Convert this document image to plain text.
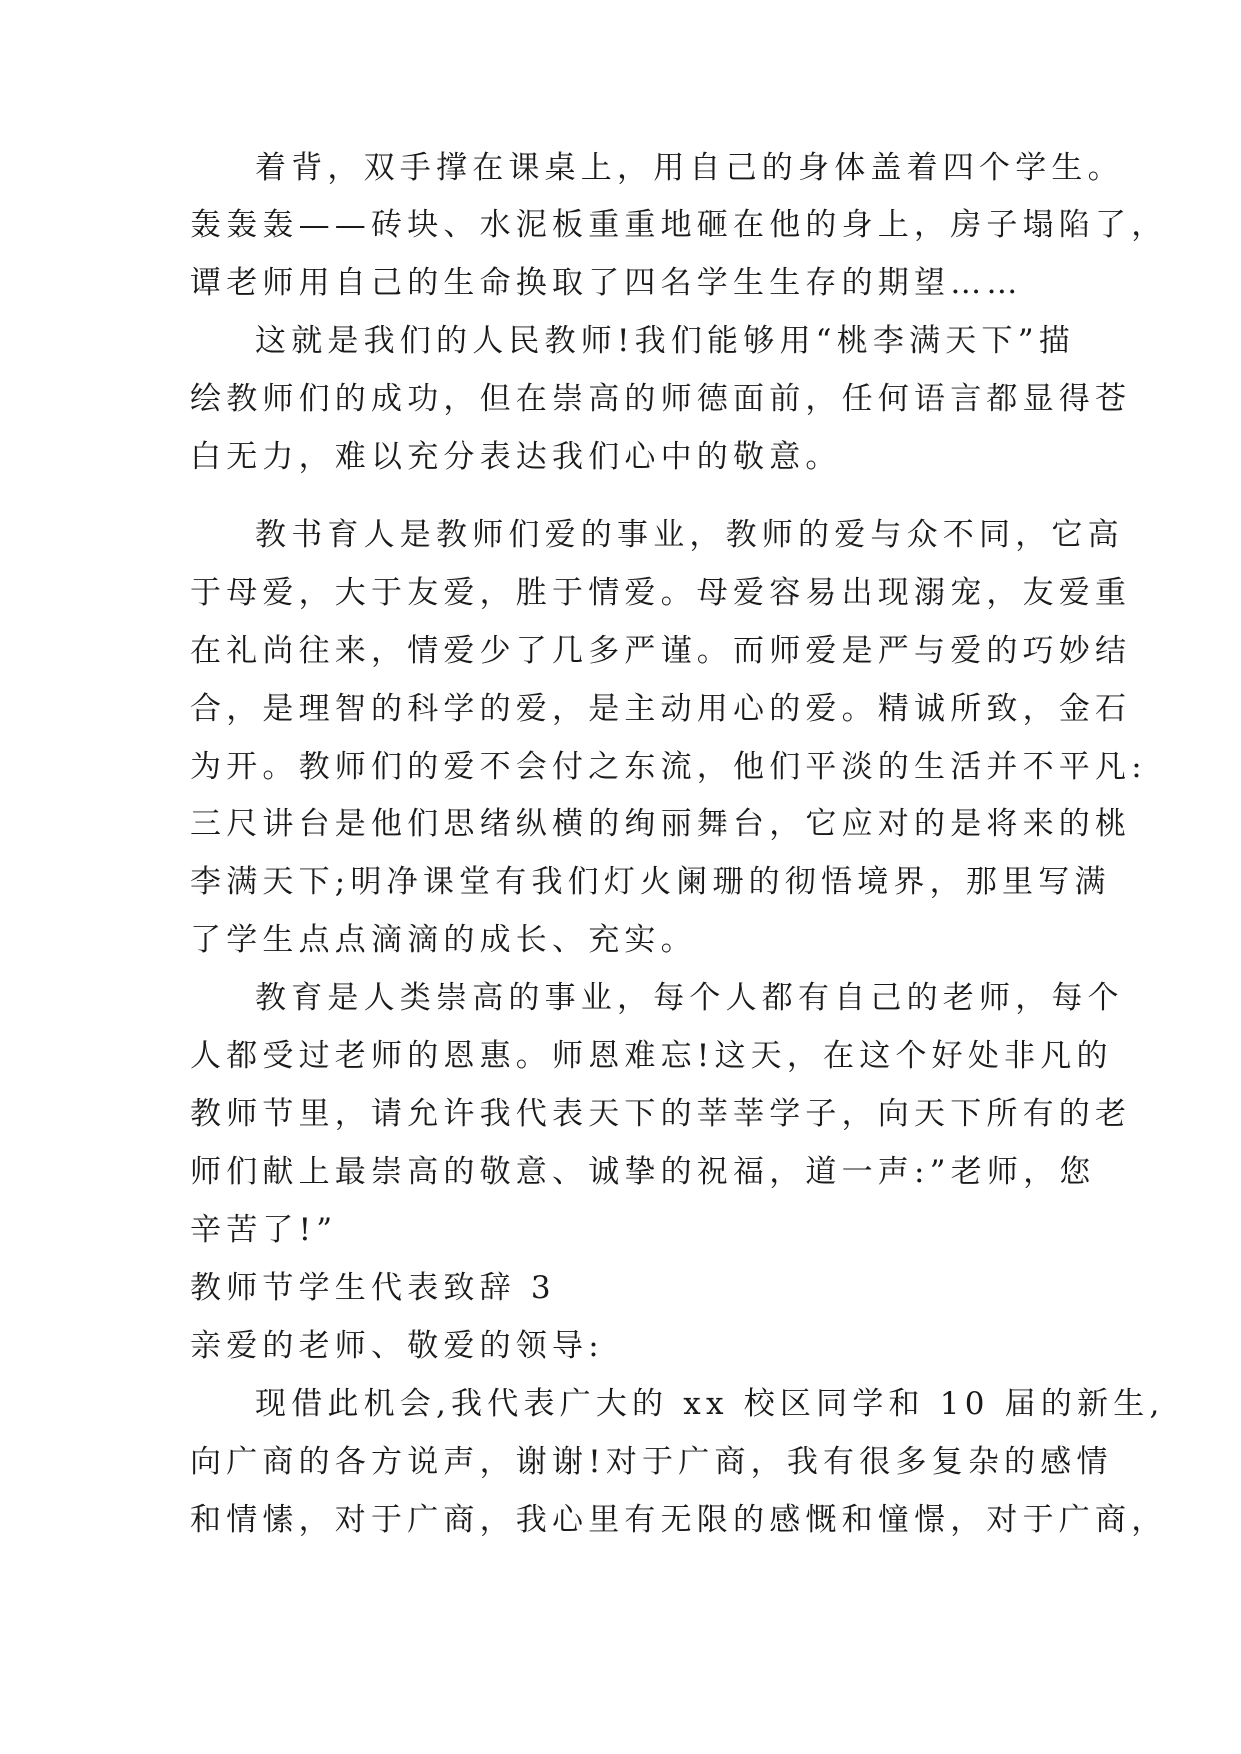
着背，双手撑在课桌上，用自己的身体盖着四个学生。
轰轰轰——砖块、水泥板重重地砸在他的身上，房子塌陷了，
谭老师用自己的生命换取了四名学生生存的期望……
这就是我们的人民教师!我们能够用“桃李满天下”描
绘教师们的成功，但在崇高的师德面前，任何语言都显得苍
白无力，难以充分表达我们心中的敬意。
教书育人是教师们爱的事业，教师的爱与众不同，它高
于母爱，大于友爱，胜于情爱。母爱容易出现溺宠，友爱重
在礼尚往来，情爱少了几多严谨。而师爱是严与爱的巧妙结
合，是理智的科学的爱，是主动用心的爱。精诚所致，金石
为开。教师们的爱不会付之东流，他们平淡的生活并不平凡:
三尺讲台是他们思绪纵横的绚丽舞台，它应对的是将来的桃
李满天下;明净课堂有我们灯火阑珊的彻悟境界，那里写满
了学生点点滴滴的成长、充实。
教育是人类崇高的事业，每个人都有自己的老师，每个
人都受过老师的恩惠。师恩难忘!这天，在这个好处非凡的
教师节里，请允许我代表天下的莘莘学子，向天下所有的老
师们献上最崇高的敬意、诚挚的祝福，道一声:”老师，您
辛苦了!”
教师节学生代表致辞 3
亲爱的老师、敬爱的领导:
现借此机会,我代表广大的 xx 校区同学和 10 届的新生,
向广商的各方说声，谢谢!对于广商，我有很多复杂的感情
和情愫，对于广商，我心里有无限的感慨和憧憬，对于广商，
